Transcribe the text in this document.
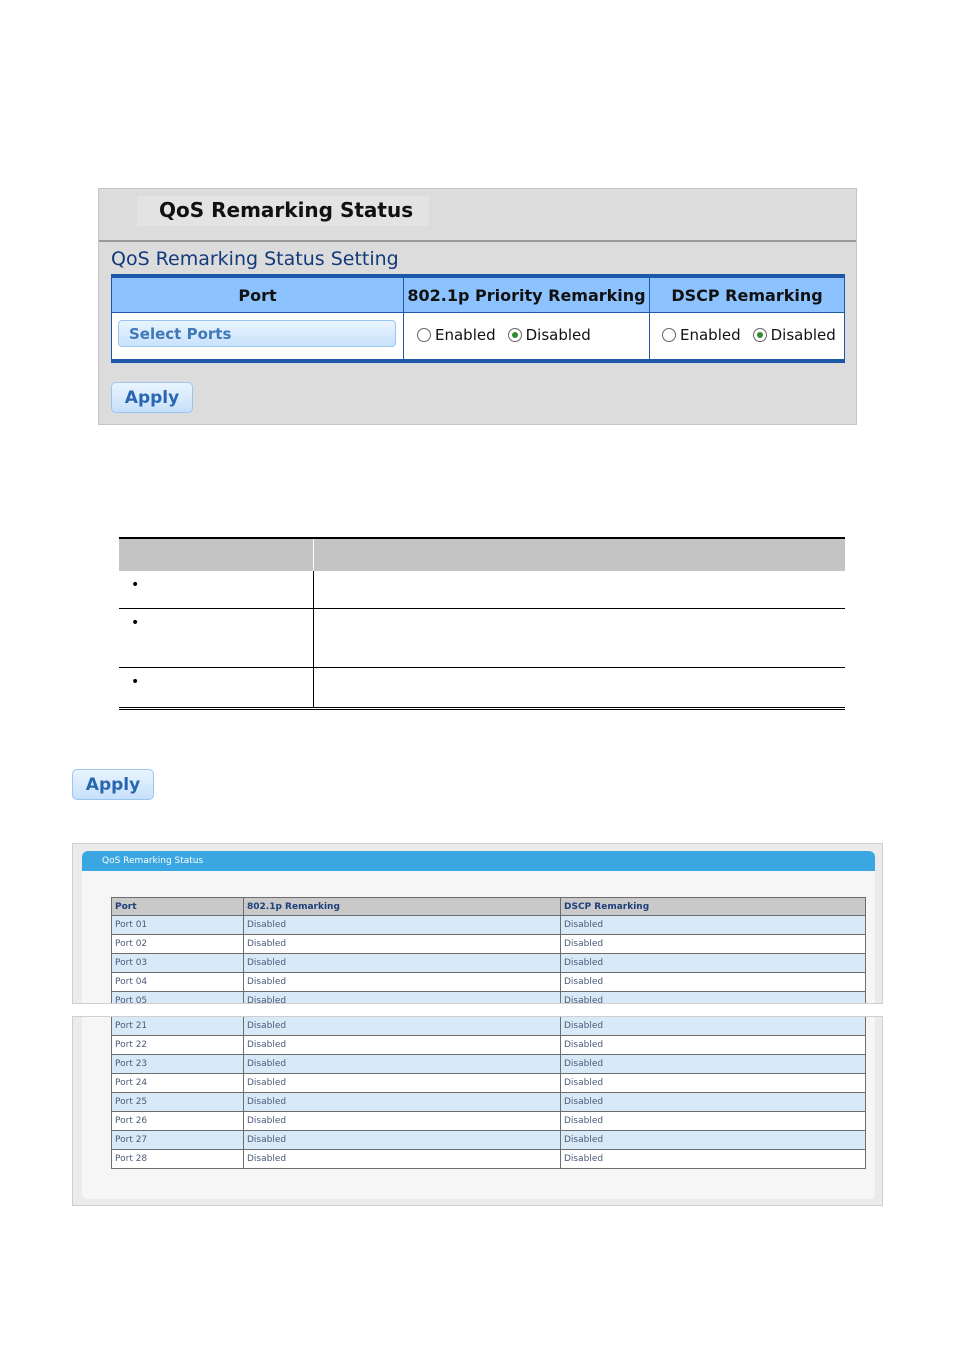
QoS Remarking Status
QoS Remarking Status Setting
Port	802.1p Priority Remarking	DSCP Remarking
Select Ports	Enabled Disabled	Enabled Disabled
Apply
•
•
•
Apply
QoS Remarking Status
Port	802.1p Remarking	DSCP Remarking
Port 01	Disabled	Disabled
Port 02	Disabled	Disabled
Port 03	Disabled	Disabled
Port 04	Disabled	Disabled
Port 05	Disabled	Disabled
Port 21	Disabled	Disabled
Port 22	Disabled	Disabled
Port 23	Disabled	Disabled
Port 24	Disabled	Disabled
Port 25	Disabled	Disabled
Port 26	Disabled	Disabled
Port 27	Disabled	Disabled
Port 28	Disabled	Disabled
